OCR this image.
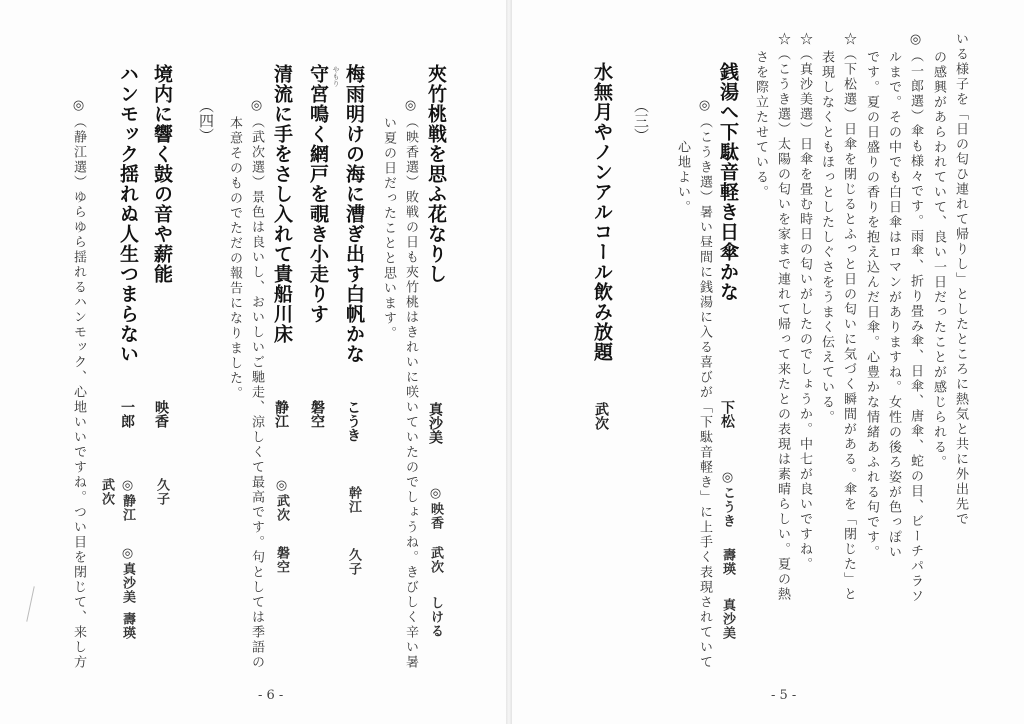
いる様子を「日の匂ひ連れて帰りし」としたところに熱気と共に外出先で
の感興があらわれていて、良い一日だったことが感じられる。
◎（一郎選）傘も様々です。雨傘、折り畳み傘、日傘、唐傘、蛇の目、ビーチパラソ
ルまで。その中でも白日傘はロマンがありますね。女性の後ろ姿が色っぽい
です。夏の日盛りの香りを抱え込んだ日傘。心豊かな情緒あふれる句です。
☆（下松選）日傘を閉じるとふっと日の匂いに気づく瞬間がある。傘を「閉じた」と
表現しなくともほっとしたしぐさをうまく伝えている。
☆（真沙美選）日傘を畳む時日の匂いがしたのでしょうか。中七が良いですね。
☆（こうき選）太陽の匂いを家まで連れて帰って来たとの表現は素晴らしい。夏の熱
さを際立たせている。
銭湯へ下駄音軽き日傘かな
下松
◎こうき
壽瑛
真沙美
◎（こうき選）暑い昼間に銭湯に入る喜びが「下駄音軽き」に上手く表現されていて
心地よい。
（三）
水無月やノンアルコール飲み放題
武次
- 5 -
夾竹桃戦を思ふ花なりし
真沙美
◎映香
武次
しける
◎（映香選）敗戦の日も夾竹桃はきれいに咲いていたのでしょうね。きびしく辛い暑
い夏の日だったことと思います。
梅雨明けの海に漕ぎ出す白帆かな
こうき
幹江
久子
やもり
守宮鳴く網戸を覗き小走りす
磐空
清流に手をさし入れて貴船川床
静江
◎武次
磐空
◎（武次選）景色は良いし、おいしいご馳走、涼しくて最高です。句としては季語の
本意そのものでただの報告になりました。
（四）
境内に響く鼓の音や薪能
映香
久子
武次
ハンモック揺れぬ人生つまらない
一郎
◎静江
◎真沙美
壽瑛
◎（静江選）ゆらゆら揺れるハンモック、心地いいですね。つい目を閉じて、来し方
- 6 -
